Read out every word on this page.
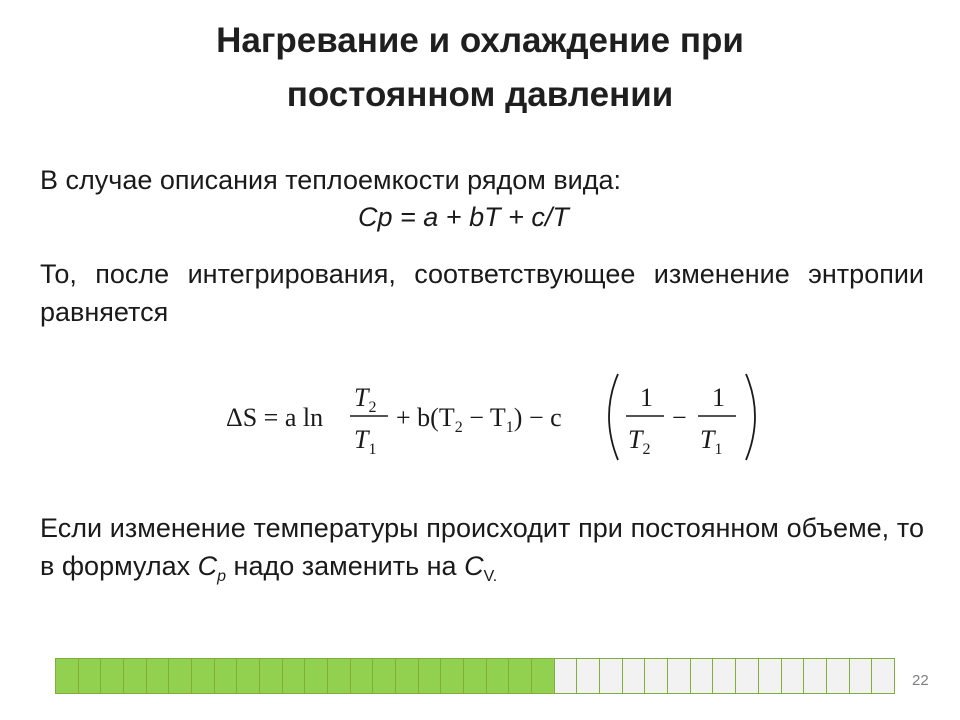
Нагревание и охлаждение при
постоянном давлении
В случае описания теплоемкости рядом вида:
Cp = a + bT + c/T
То, после интегрирования, соответствующее изменение энтропии равняется
ΔS = a ln
$T_2$
$T_1$
+ $b(T_2 - T_1) - c$
1
$T_2$
−
1
$T_1$
Если изменение температуры происходит при постоянном объеме, то в формулах $C_p$ надо заменить на $C_{V.}$
22
